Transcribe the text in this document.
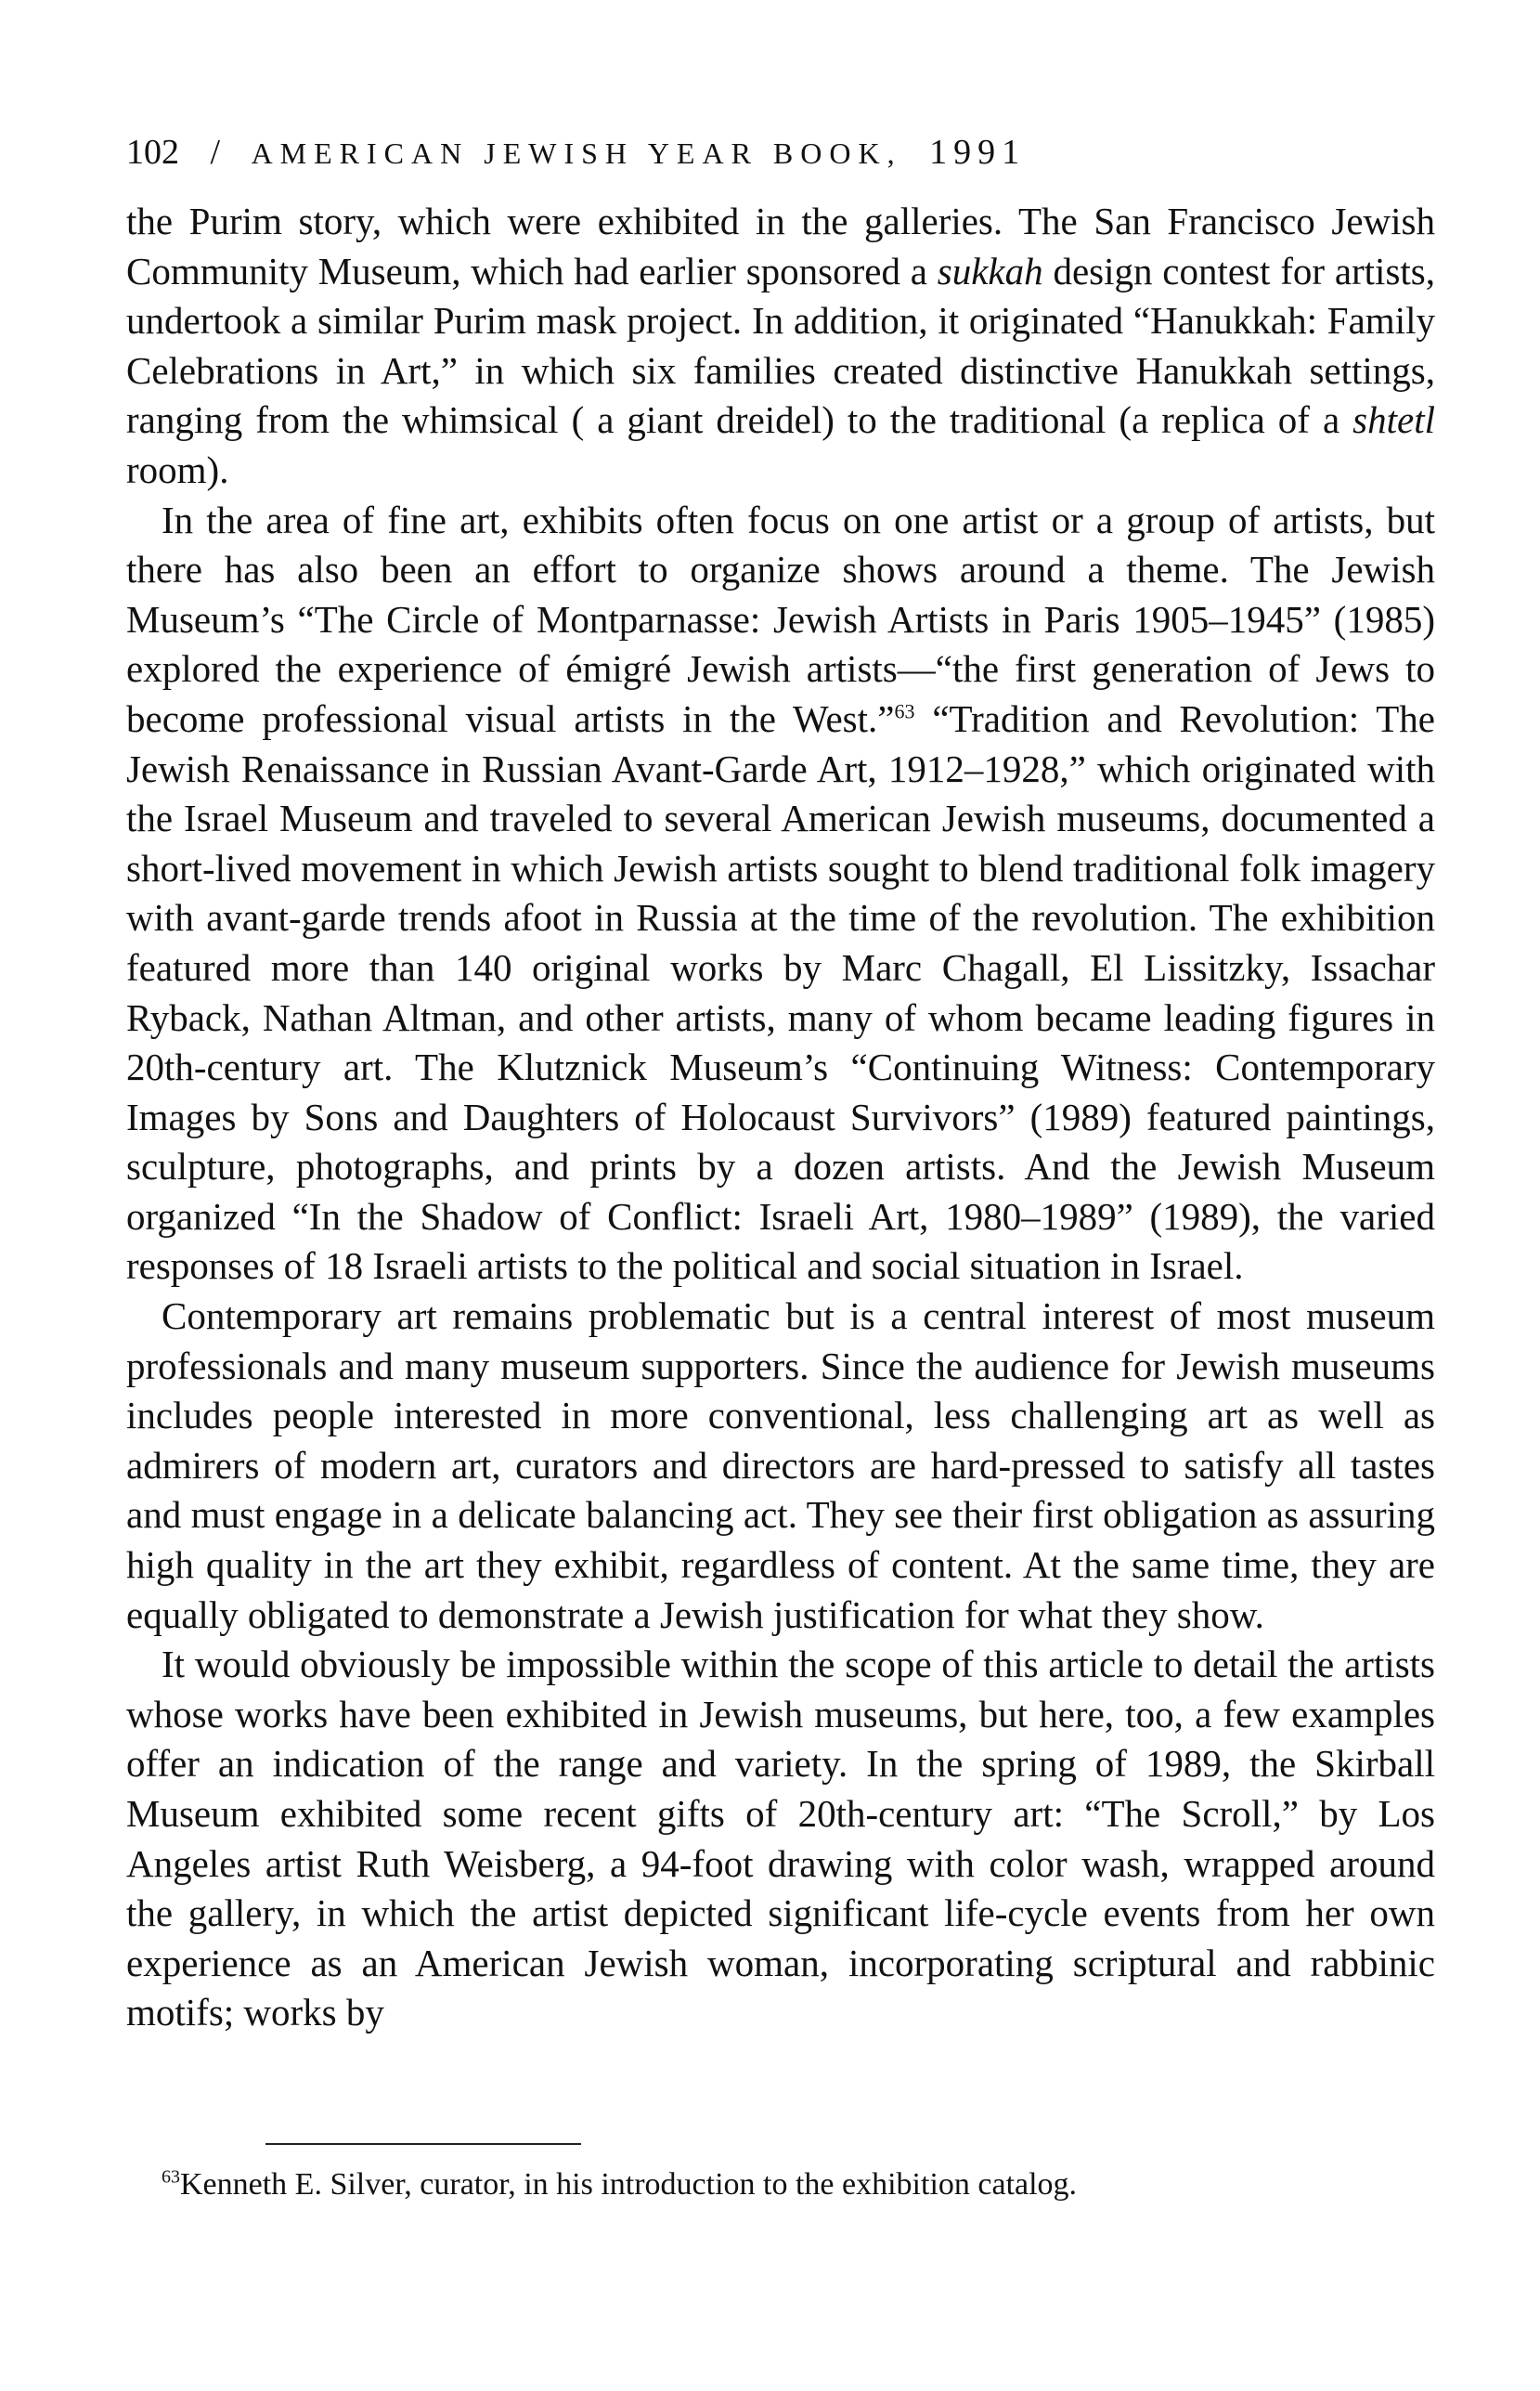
102 / AMERICAN JEWISH YEAR BOOK, 1991

the Purim story, which were exhibited in the galleries. The San Francisco Jewish Community Museum, which had earlier sponsored a sukkah design contest for artists, undertook a similar Purim mask project. In addition, it originated “Hanukkah: Family Celebrations in Art,” in which six families created distinctive Hanukkah settings, ranging from the whimsical ( a giant dreidel) to the traditional (a replica of a shtetl room).

In the area of fine art, exhibits often focus on one artist or a group of artists, but there has also been an effort to organize shows around a theme. The Jewish Museum’s “The Circle of Montparnasse: Jewish Artists in Paris 1905–1945” (1985) explored the experience of émigré Jewish artists—“the first generation of Jews to become professional visual artists in the West.”$^{63}$ “Tradition and Revolution: The Jewish Renaissance in Russian Avant-Garde Art, 1912–1928,” which originated with the Israel Museum and traveled to several American Jewish museums, documented a short-lived movement in which Jewish artists sought to blend traditional folk imagery with avant-garde trends afoot in Russia at the time of the revolution. The exhibition featured more than 140 original works by Marc Chagall, El Lissitzky, Issachar Ryback, Nathan Altman, and other artists, many of whom became leading figures in 20th-century art. The Klutznick Museum’s “Continuing Witness: Contemporary Images by Sons and Daughters of Holocaust Survivors” (1989) featured paintings, sculpture, photographs, and prints by a dozen artists. And the Jewish Museum organized “In the Shadow of Conflict: Israeli Art, 1980–1989” (1989), the varied responses of 18 Israeli artists to the political and social situation in Israel.

Contemporary art remains problematic but is a central interest of most museum professionals and many museum supporters. Since the audience for Jewish museums includes people interested in more conventional, less challenging art as well as admirers of modern art, curators and directors are hard-pressed to satisfy all tastes and must engage in a delicate balancing act. They see their first obligation as assuring high quality in the art they exhibit, regardless of content. At the same time, they are equally obligated to demonstrate a Jewish justification for what they show.

It would obviously be impossible within the scope of this article to detail the artists whose works have been exhibited in Jewish museums, but here, too, a few examples offer an indication of the range and variety. In the spring of 1989, the Skirball Museum exhibited some recent gifts of 20th-century art: “The Scroll,” by Los Angeles artist Ruth Weisberg, a 94-foot drawing with color wash, wrapped around the gallery, in which the artist depicted significant life-cycle events from her own experience as an American Jewish woman, incorporating scriptural and rabbinic motifs; works by

$^{63}$Kenneth E. Silver, curator, in his introduction to the exhibition catalog.
